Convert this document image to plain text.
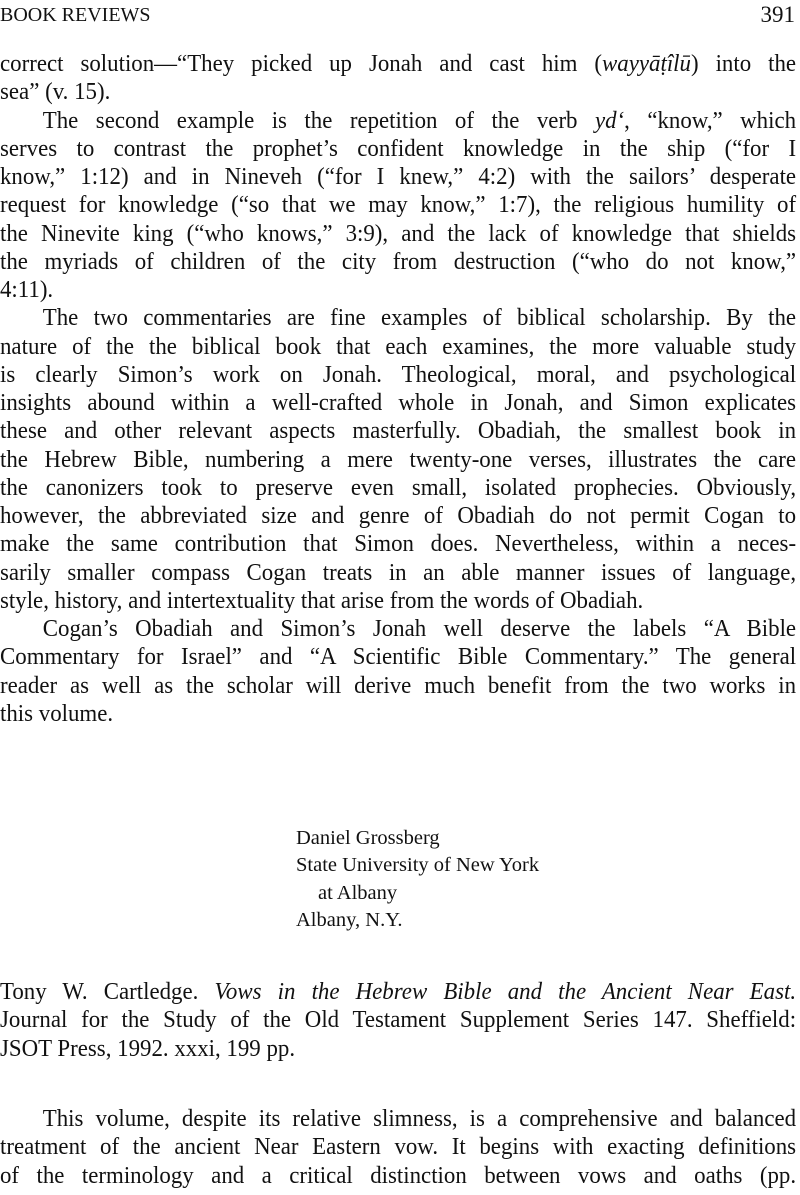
BOOK REVIEWS	391
correct solution—“They picked up Jonah and cast him (wayyāṭîlū) into the
sea” (v. 15).
The second example is the repetition of the verb yd‘, “know,” which
serves to contrast the prophet’s confident knowledge in the ship (“for I
know,” 1:12) and in Nineveh (“for I knew,” 4:2) with the sailors’ desperate
request for knowledge (“so that we may know,” 1:7), the religious humility of
the Ninevite king (“who knows,” 3:9), and the lack of knowledge that shields
the myriads of children of the city from destruction (“who do not know,”
4:11).
The two commentaries are fine examples of biblical scholarship. By the
nature of the the biblical book that each examines, the more valuable study
is clearly Simon’s work on Jonah. Theological, moral, and psychological
insights abound within a well-crafted whole in Jonah, and Simon explicates
these and other relevant aspects masterfully. Obadiah, the smallest book in
the Hebrew Bible, numbering a mere twenty-one verses, illustrates the care
the canonizers took to preserve even small, isolated prophecies. Obviously,
however, the abbreviated size and genre of Obadiah do not permit Cogan to
make the same contribution that Simon does. Nevertheless, within a neces-
sarily smaller compass Cogan treats in an able manner issues of language,
style, history, and intertextuality that arise from the words of Obadiah.
Cogan’s Obadiah and Simon’s Jonah well deserve the labels “A Bible
Commentary for Israel” and “A Scientific Bible Commentary.” The general
reader as well as the scholar will derive much benefit from the two works in
this volume.
Daniel Grossberg
State University of New York
at Albany
Albany, N.Y.
Tony W. Cartledge. Vows in the Hebrew Bible and the Ancient Near East.
Journal for the Study of the Old Testament Supplement Series 147. Sheffield:
JSOT Press, 1992. xxxi, 199 pp.
This volume, despite its relative slimness, is a comprehensive and balanced
treatment of the ancient Near Eastern vow. It begins with exacting definitions
of the terminology and a critical distinction between vows and oaths (pp.
